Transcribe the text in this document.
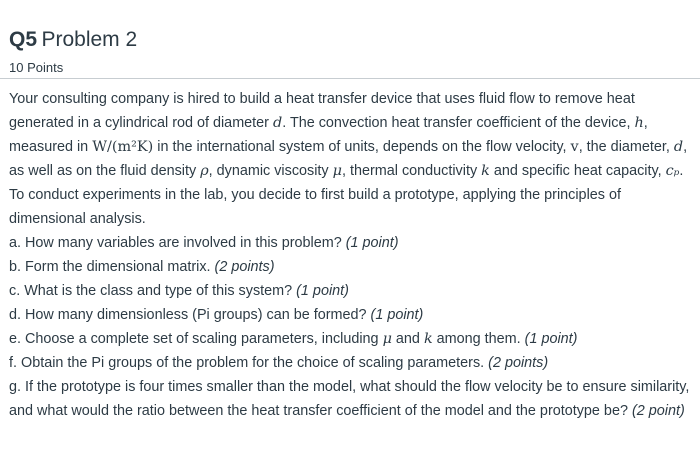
Q5 Problem 2
10 Points

Your consulting company is hired to build a heat transfer device that uses fluid flow to remove heat generated in a cylindrical rod of diameter d. The convection heat transfer coefficient of the device, h, measured in W/(m²K) in the international system of units, depends on the flow velocity, v, the diameter, d, as well as on the fluid density ρ, dynamic viscosity μ, thermal conductivity k and specific heat capacity, cₚ.

To conduct experiments in the lab, you decide to first build a prototype, applying the principles of dimensional analysis.

a. How many variables are involved in this problem? (1 point)

b. Form the dimensional matrix. (2 points)

c. What is the class and type of this system? (1 point)

d. How many dimensionless (Pi groups) can be formed? (1 point)

e. Choose a complete set of scaling parameters, including μ and k among them. (1 point)

f. Obtain the Pi groups of the problem for the choice of scaling parameters. (2 points)

g. If the prototype is four times smaller than the model, what should the flow velocity be to ensure similarity, and what would the ratio between the heat transfer coefficient of the model and the prototype be? (2 point)
